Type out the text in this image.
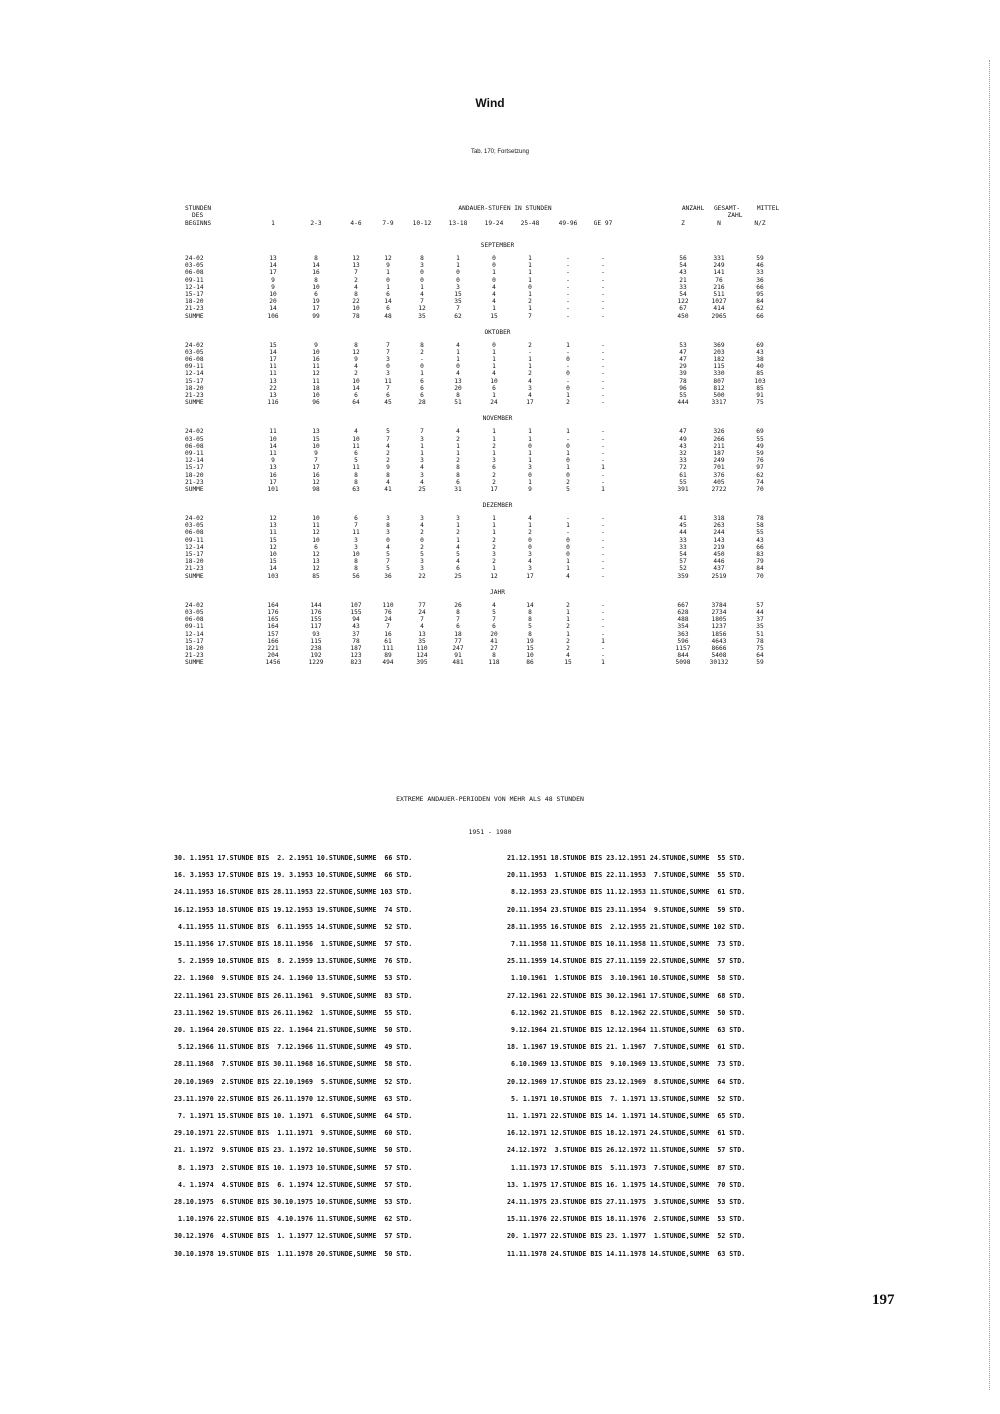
Wind
Tab. 170; Fortsetzung
STUNDEN
DES
BEGINNS
ANDAUER-STUFEN IN STUNDEN	ANZAHL	GESAMT-
ZAHL
MITTEL
1	2-3	4-6	7-9	10-12	13-18	19-24	25-48	49-96	GE 97	Z	N	N/Z
SEPTEMBER
24-02	13	8	12	12	8	1	0	1	-	-	56	331	59
03-05	14	14	13	9	3	1	0	1	-	-	54	249	46
06-08	17	16	7	1	0	0	1	1	-	-	43	141	33
09-11	9	8	2	0	0	0	0	1	-	-	21	76	36
12-14	9	10	4	1	1	3	4	0	-	-	33	216	66
15-17	10	6	8	6	4	15	4	1	-	-	54	511	95
18-20	20	19	22	14	7	35	4	2	-	-	122	1027	84
21-23	14	17	10	6	12	7	1	1	-	-	67	414	62
SUMME	106	99	78	48	35	62	15	7	-	-	450	2965	66
OKTOBER
24-02	15	9	8	7	8	4	0	2	1	-	53	369	69
03-05	14	10	12	7	2	1	1	-	-	-	47	203	43
06-08	17	16	9	3	-	1	1	1	0	-	47	182	38
09-11	11	11	4	0	0	0	1	1	-	-	29	115	40
12-14	11	12	2	3	1	4	4	2	0	-	39	330	85
15-17	13	11	10	11	6	13	10	4	-	-	78	807	103
18-20	22	18	14	7	6	20	6	3	0	-	96	812	85
21-23	13	10	6	6	6	8	1	4	1	-	55	500	91
SUMME	116	96	64	45	28	51	24	17	2	-	444	3317	75
NOVEMBER
24-02	11	13	4	5	7	4	1	1	1	-	47	326	69
03-05	10	15	10	7	3	2	1	1	-	-	49	266	55
06-08	14	10	11	4	1	1	2	0	0	-	43	211	49
09-11	11	9	6	2	1	1	1	1	1	-	32	187	59
12-14	9	7	5	2	3	2	3	1	0	-	33	249	76
15-17	13	17	11	9	4	8	6	3	1	1	72	701	97
18-20	16	16	8	8	3	8	2	0	0	-	61	376	62
21-23	17	12	8	4	4	6	2	1	2	-	55	405	74
SUMME	101	98	63	41	25	31	17	9	5	1	391	2722	70
DEZEMBER
24-02	12	10	6	3	3	3	1	4	-	-	41	318	78
03-05	13	11	7	8	4	1	1	1	1	-	45	263	58
06-08	11	12	11	3	2	2	1	2	-	-	44	244	55
09-11	15	10	3	0	0	1	2	0	0	-	33	143	43
12-14	12	6	3	4	2	4	2	0	0	-	33	219	66
15-17	10	12	10	5	5	5	3	3	0	-	54	450	83
18-20	15	13	8	7	3	4	2	4	1	-	57	446	79
21-23	14	12	8	5	3	6	1	3	1	-	52	437	84
SUMME	103	85	56	36	22	25	12	17	4	-	359	2519	70
JAHR
24-02	164	144	107	110	77	26	4	14	2	-	667	3784	57
03-05	176	176	155	76	24	8	5	8	1	-	628	2734	44
06-08	165	155	94	24	7	7	7	8	1	-	488	1805	37
09-11	164	117	43	7	4	6	6	5	2	-	354	1237	35
12-14	157	93	37	16	13	18	20	8	1	-	363	1856	51
15-17	166	115	78	61	35	77	41	19	2	1	596	4643	78
18-20	221	238	187	111	110	247	27	15	2	-	1157	8666	75
21-23	204	192	123	89	124	91	8	10	4	-	844	5408	64
SUMME	1456	1229	823	494	395	481	118	86	15	1	5098	30132	59
EXTREME ANDAUER-PERIODEN VON MEHR ALS 48 STUNDEN
1951 - 1980
30. 1.1951 17.STUNDE BIS  2. 2.1951 10.STUNDE,SUMME  66 STD.	21.12.1951 18.STUNDE BIS 23.12.1951 24.STUNDE,SUMME  55 STD.
16. 3.1953 17.STUNDE BIS 19. 3.1953 10.STUNDE,SUMME  66 STD.	20.11.1953  1.STUNDE BIS 22.11.1953  7.STUNDE,SUMME  55 STD.
24.11.1953 16.STUNDE BIS 28.11.1953 22.STUNDE,SUMME 103 STD.	8.12.1953 23.STUNDE BIS 11.12.1953 11.STUNDE,SUMME  61 STD.
16.12.1953 18.STUNDE BIS 19.12.1953 19.STUNDE,SUMME  74 STD.	20.11.1954 23.STUNDE BIS 23.11.1954  9.STUNDE,SUMME  59 STD.
4.11.1955 11.STUNDE BIS  6.11.1955 14.STUNDE,SUMME  52 STD.	28.11.1955 16.STUNDE BIS  2.12.1955 21.STUNDE,SUMME 102 STD.
15.11.1956 17.STUNDE BIS 18.11.1956  1.STUNDE,SUMME  57 STD.	7.11.1958 11.STUNDE BIS 10.11.1958 11.STUNDE,SUMME  73 STD.
5. 2.1959 10.STUNDE BIS  8. 2.1959 13.STUNDE,SUMME  76 STD.	25.11.1959 14.STUNDE BIS 27.11.1159 22.STUNDE,SUMME  57 STD.
22. 1.1960  9.STUNDE BIS 24. 1.1960 13.STUNDE,SUMME  53 STD.	1.10.1961  1.STUNDE BIS  3.10.1961 10.STUNDE,SUMME  58 STD.
22.11.1961 23.STUNDE BIS 26.11.1961  9.STUNDE,SUMME  83 STD.	27.12.1961 22.STUNDE BIS 30.12.1961 17.STUNDE,SUMME  68 STD.
23.11.1962 19.STUNDE BIS 26.11.1962  1.STUNDE,SUMME  55 STD.	6.12.1962 21.STUNDE BIS  8.12.1962 22.STUNDE,SUMME  50 STD.
20. 1.1964 20.STUNDE BIS 22. 1.1964 21.STUNDE,SUMME  50 STD.	9.12.1964 21.STUNDE BIS 12.12.1964 11.STUNDE,SUMME  63 STD.
5.12.1966 11.STUNDE BIS  7.12.1966 11.STUNDE,SUMME  49 STD.	18. 1.1967 19.STUNDE BIS 21. 1.1967  7.STUNDE,SUMME  61 STD.
28.11.1968  7.STUNDE BIS 30.11.1968 16.STUNDE,SUMME  58 STD.	6.10.1969 13.STUNDE BIS  9.10.1969 13.STUNDE,SUMME  73 STD.
20.10.1969  2.STUNDE BIS 22.10.1969  5.STUNDE,SUMME  52 STD.	20.12.1969 17.STUNDE BIS 23.12.1969  8.STUNDE,SUMME  64 STD.
23.11.1970 22.STUNDE BIS 26.11.1970 12.STUNDE,SUMME  63 STD.	5. 1.1971 10.STUNDE BIS  7. 1.1971 13.STUNDE,SUMME  52 STD.
7. 1.1971 15.STUNDE BIS 10. 1.1971  6.STUNDE,SUMME  64 STD.	11. 1.1971 22.STUNDE BIS 14. 1.1971 14.STUNDE,SUMME  65 STD.
29.10.1971 22.STUNDE BIS  1.11.1971  9.STUNDE,SUMME  60 STD.	16.12.1971 12.STUNDE BIS 18.12.1971 24.STUNDE,SUMME  61 STD.
21. 1.1972  9.STUNDE BIS 23. 1.1972 10.STUNDE,SUMME  50 STD.	24.12.1972  3.STUNDE BIS 26.12.1972 11.STUNDE,SUMME  57 STD.
8. 1.1973  2.STUNDE BIS 10. 1.1973 10.STUNDE,SUMME  57 STD.	1.11.1973 17.STUNDE BIS  5.11.1973  7.STUNDE,SUMME  87 STD.
4. 1.1974  4.STUNDE BIS  6. 1.1974 12.STUNDE,SUMME  57 STD.	13. 1.1975 17.STUNDE BIS 16. 1.1975 14.STUNDE,SUMME  70 STD.
28.10.1975  6.STUNDE BIS 30.10.1975 10.STUNDE,SUMME  53 STD.	24.11.1975 23.STUNDE BIS 27.11.1975  3.STUNDE,SUMME  53 STD.
1.10.1976 22.STUNDE BIS  4.10.1976 11.STUNDE,SUMME  62 STD.	15.11.1976 22.STUNDE BIS 18.11.1976  2.STUNDE,SUMME  53 STD.
30.12.1976  4.STUNDE BIS  1. 1.1977 12.STUNDE,SUMME  57 STD.	20. 1.1977 22.STUNDE BIS 23. 1.1977  1.STUNDE,SUMME  52 STD.
30.10.1978 19.STUNDE BIS  1.11.1978 20.STUNDE,SUMME  50 STD.	11.11.1978 24.STUNDE BIS 14.11.1978 14.STUNDE,SUMME  63 STD.
197
